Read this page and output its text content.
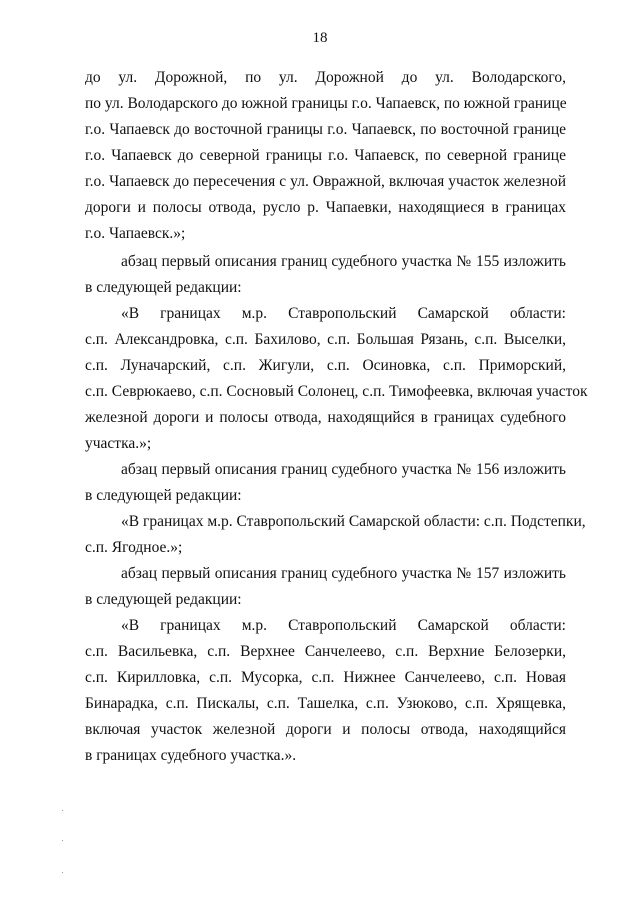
18
до ул. Дорожной, по ул. Дорожной до ул. Володарского,
по ул. Володарского до южной границы г.о. Чапаевск, по южной границе
г.о. Чапаевск до восточной границы г.о. Чапаевск, по восточной границе
г.о. Чапаевск до северной границы г.о. Чапаевск, по северной границе
г.о. Чапаевск до пересечения с ул. Овражной, включая участок железной
дороги и полосы отвода, русло р. Чапаевки, находящиеся в границах
г.о. Чапаевск.»;
абзац первый описания границ судебного участка № 155 изложить
в следующей редакции:
«В границах м.р. Ставропольский Самарской области:
с.п. Александровка, с.п. Бахилово, с.п. Большая Рязань, с.п. Выселки,
с.п. Луначарский, с.п. Жигули, с.п. Осиновка, с.п. Приморский,
с.п. Севрюкаево, с.п. Сосновый Солонец, с.п. Тимофеевка, включая участок
железной дороги и полосы отвода, находящийся в границах судебного
участка.»;
абзац первый описания границ судебного участка № 156 изложить
в следующей редакции:
«В границах м.р. Ставропольский Самарской области: с.п. Подстепки,
с.п. Ягодное.»;
абзац первый описания границ судебного участка № 157 изложить
в следующей редакции:
«В границах м.р. Ставропольский Самарской области:
с.п. Васильевка, с.п. Верхнее Санчелеево, с.п. Верхние Белозерки,
с.п. Кирилловка, с.п. Мусорка, с.п. Нижнее Санчелеево, с.п. Новая
Бинарадка, с.п. Пискалы, с.п. Ташелка, с.п. Узюково, с.п. Хрящевка,
включая участок железной дороги и полосы отвода, находящийся
в границах судебного участка.».
